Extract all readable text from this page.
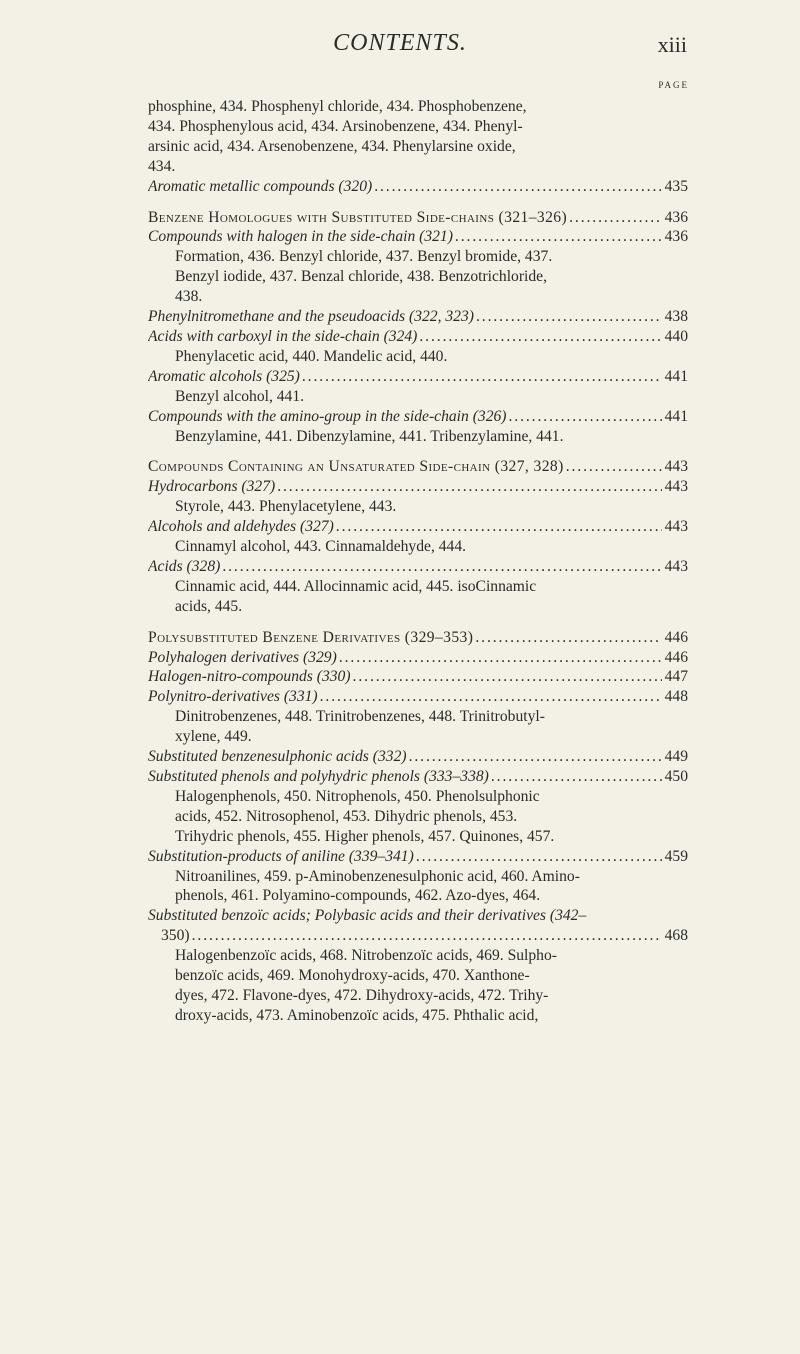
CONTENTS.	xiii
PAGE
phosphine, 434. Phosphenyl chloride, 434. Phosphobenzene,
434. Phosphenylous acid, 434. Arsinobenzene, 434. Phenyl-
arsinic acid, 434. Arsenobenzene, 434. Phenylarsine oxide,
434.
Aromatic metallic compounds (320) . . .	435
Benzene Homologues with Substituted Side-chains (321–326) . . .	436
Compounds with halogen in the side-chain (321) . . .	436
Formation, 436. Benzyl chloride, 437. Benzyl bromide, 437.
Benzyl iodide, 437. Benzal chloride, 438. Benzotrichloride,
438.
Phenylnitromethane and the pseudoacids (322, 323) . . .	438
Acids with carboxyl in the side-chain (324) . . .	440
Phenylacetic acid, 440. Mandelic acid, 440.
Aromatic alcohols (325) . . .	441
Benzyl alcohol, 441.
Compounds with the amino-group in the side-chain (326) . . .	441
Benzylamine, 441. Dibenzylamine, 441. Tribenzylamine, 441.
Compounds Containing an Unsaturated Side-chain (327, 328) . . .	443
Hydrocarbons (327) . . .	443
Styrole, 443. Phenylacetylene, 443.
Alcohols and aldehydes (327) . . .	443
Cinnamyl alcohol, 443. Cinnamaldehyde, 444.
Acids (328) . . .	443
Cinnamic acid, 444. Allocinnamic acid, 445. isoCinnamic
acids, 445.
Polysubstituted Benzene Derivatives (329–353) . . .	446
Polyhalogen derivatives (329) . . .	446
Halogen-nitro-compounds (330) . . .	447
Polynitro-derivatives (331) . . .	448
Dinitrobenzenes, 448. Trinitrobenzenes, 448. Trinitrobutyl-
xylene, 449.
Substituted benzenesulphonic acids (332) . . .	449
Substituted phenols and polyhydric phenols (333–338) . . .	450
Halogenphenols, 450. Nitrophenols, 450. Phenolsulphonic
acids, 452. Nitrosophenol, 453. Dihydric phenols, 453.
Trihydric phenols, 455. Higher phenols, 457. Quinones, 457.
Substitution-products of aniline (339–341) . . .	459
Nitroanilines, 459. p-Aminobenzenesulphonic acid, 460. Amino-
phenols, 461. Polyamino-compounds, 462. Azo-dyes, 464.
Substituted benzoïc acids; Polybasic acids and their derivatives (342–
350) . . .	468
Halogenbenzoïc acids, 468. Nitrobenzoïc acids, 469. Sulpho-
benzoïc acids, 469. Monohydroxy-acids, 470. Xanthone-
dyes, 472. Flavone-dyes, 472. Dihydroxy-acids, 472. Trihy-
droxy-acids, 473. Aminobenzoïc acids, 475. Phthalic acid,
